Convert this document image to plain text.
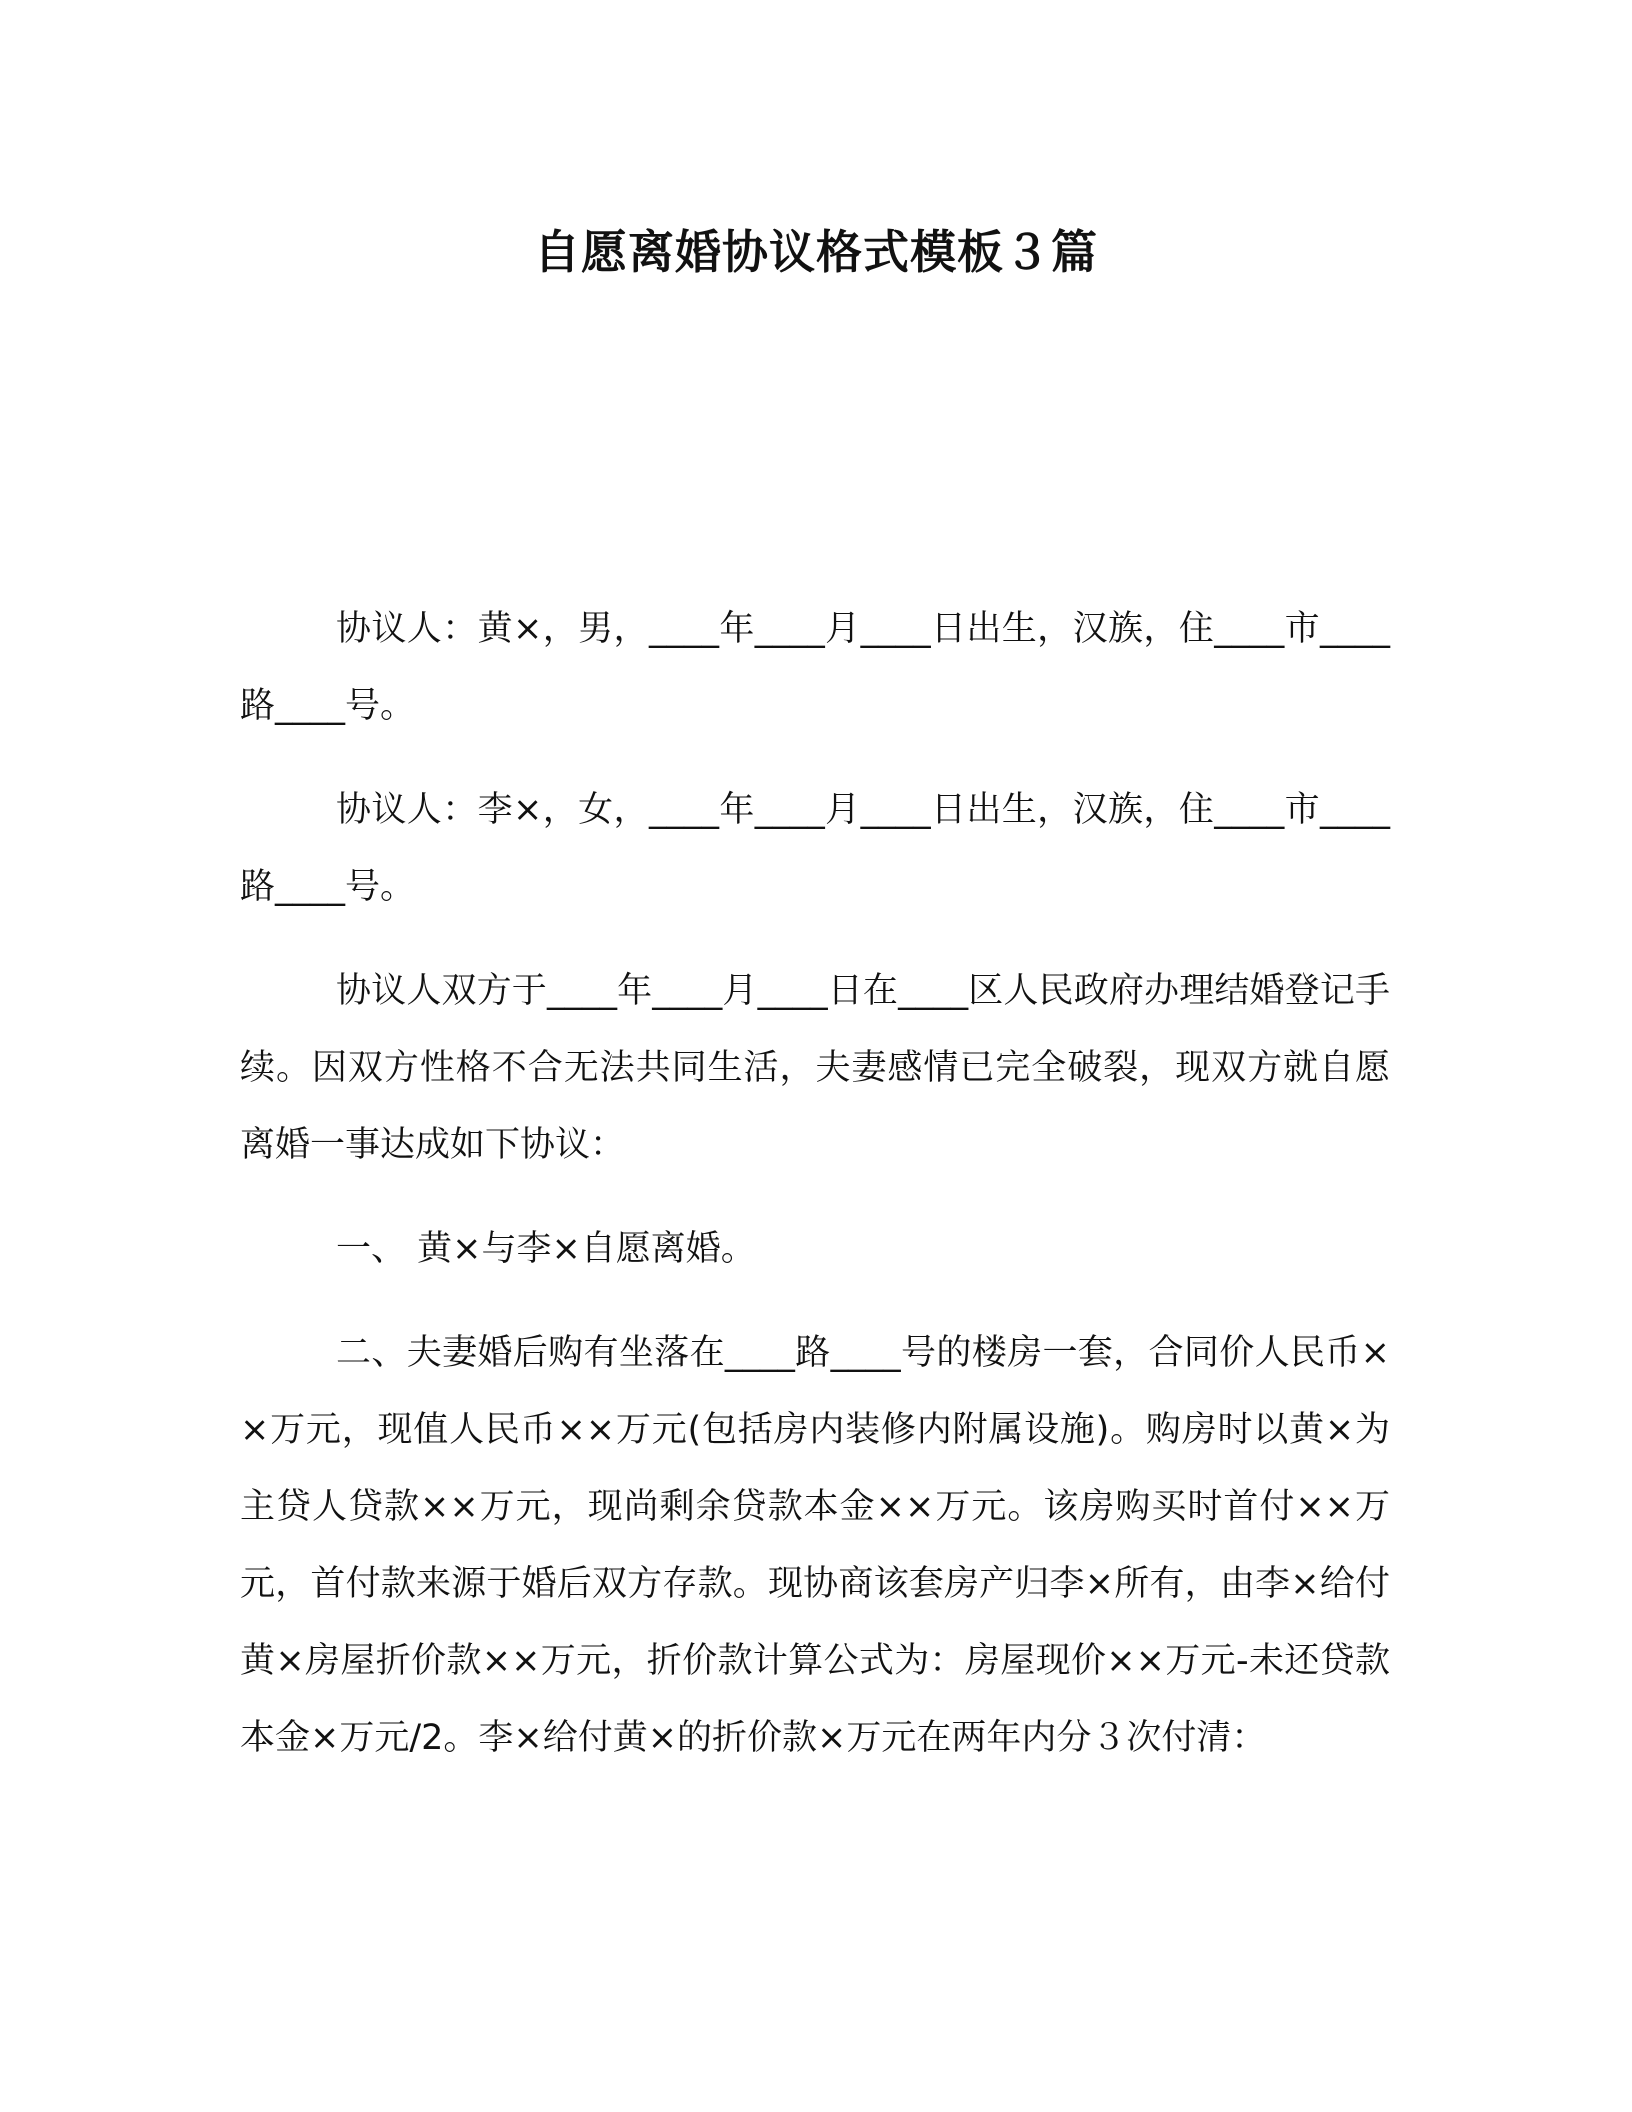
自愿离婚协议格式模板３篇

协议人：黄×，男，____年____月____日出生，汉族，住____市____路____号。

协议人：李×，女，____年____月____日出生，汉族，住____市____路____号。

协议人双方于____年____月____日在____区人民政府办理结婚登记手续。因双方性格不合无法共同生活，夫妻感情已完全破裂，现双方就自愿离婚一事达成如下协议：

一、 黄×与李×自愿离婚。

二、夫妻婚后购有坐落在____路____号的楼房一套，合同价人民币××万元，现值人民币××万元(包括房内装修内附属设施)。购房时以黄×为主贷人贷款××万元，现尚剩余贷款本金××万元。该房购买时首付××万元，首付款来源于婚后双方存款。现协商该套房产归李×所有，由李×给付黄×房屋折价款××万元，折价款计算公式为：房屋现价××万元-未还贷款本金×万元/2。李×给付黄×的折价款×万元在两年内分３次付清：
